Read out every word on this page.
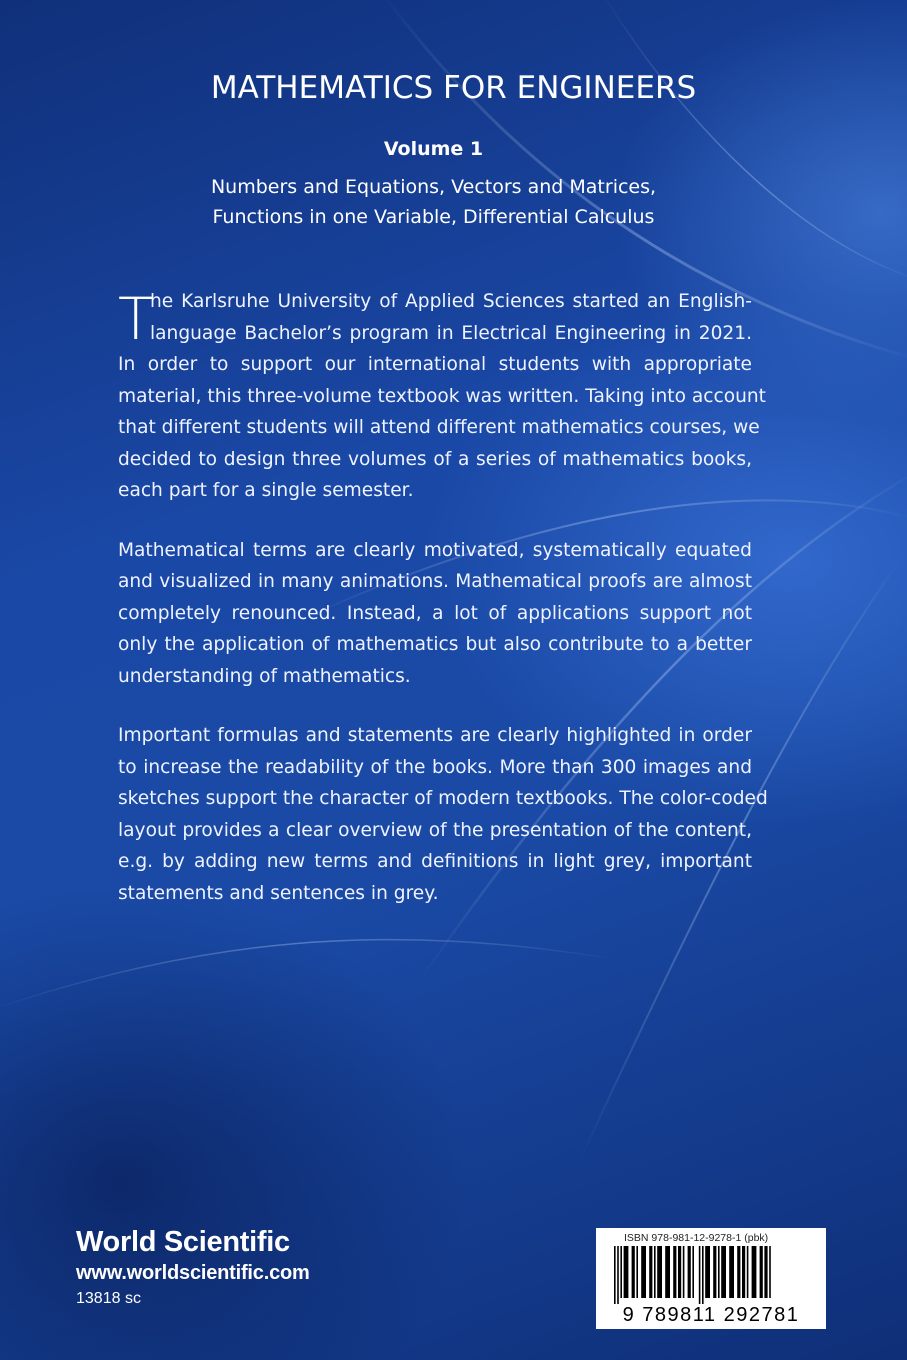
MATHEMATICS FOR ENGINEERS
Volume 1
Numbers and Equations, Vectors and Matrices,
Functions in one Variable, Differential Calculus
T
he Karlsruhe University of Applied Sciences started an English-
language Bachelor’s program in Electrical Engineering in 2021.
In order to support our international students with appropriate
material, this three-volume textbook was written. Taking into account
that different students will attend different mathematics courses, we
decided to design three volumes of a series of mathematics books,
each part for a single semester.
Mathematical terms are clearly motivated, systematically equated
and visualized in many animations. Mathematical proofs are almost
completely renounced. Instead, a lot of applications support not
only the application of mathematics but also contribute to a better
understanding of mathematics.
Important formulas and statements are clearly highlighted in order
to increase the readability of the books. More than 300 images and
sketches support the character of modern textbooks. The color-coded
layout provides a clear overview of the presentation of the content,
e.g. by adding new terms and definitions in light grey, important
statements and sentences in grey.
World Scientific
www.worldscientific.com
13818 sc
ISBN 978-981-12-9278-1 (pbk)
9 789811 292781
